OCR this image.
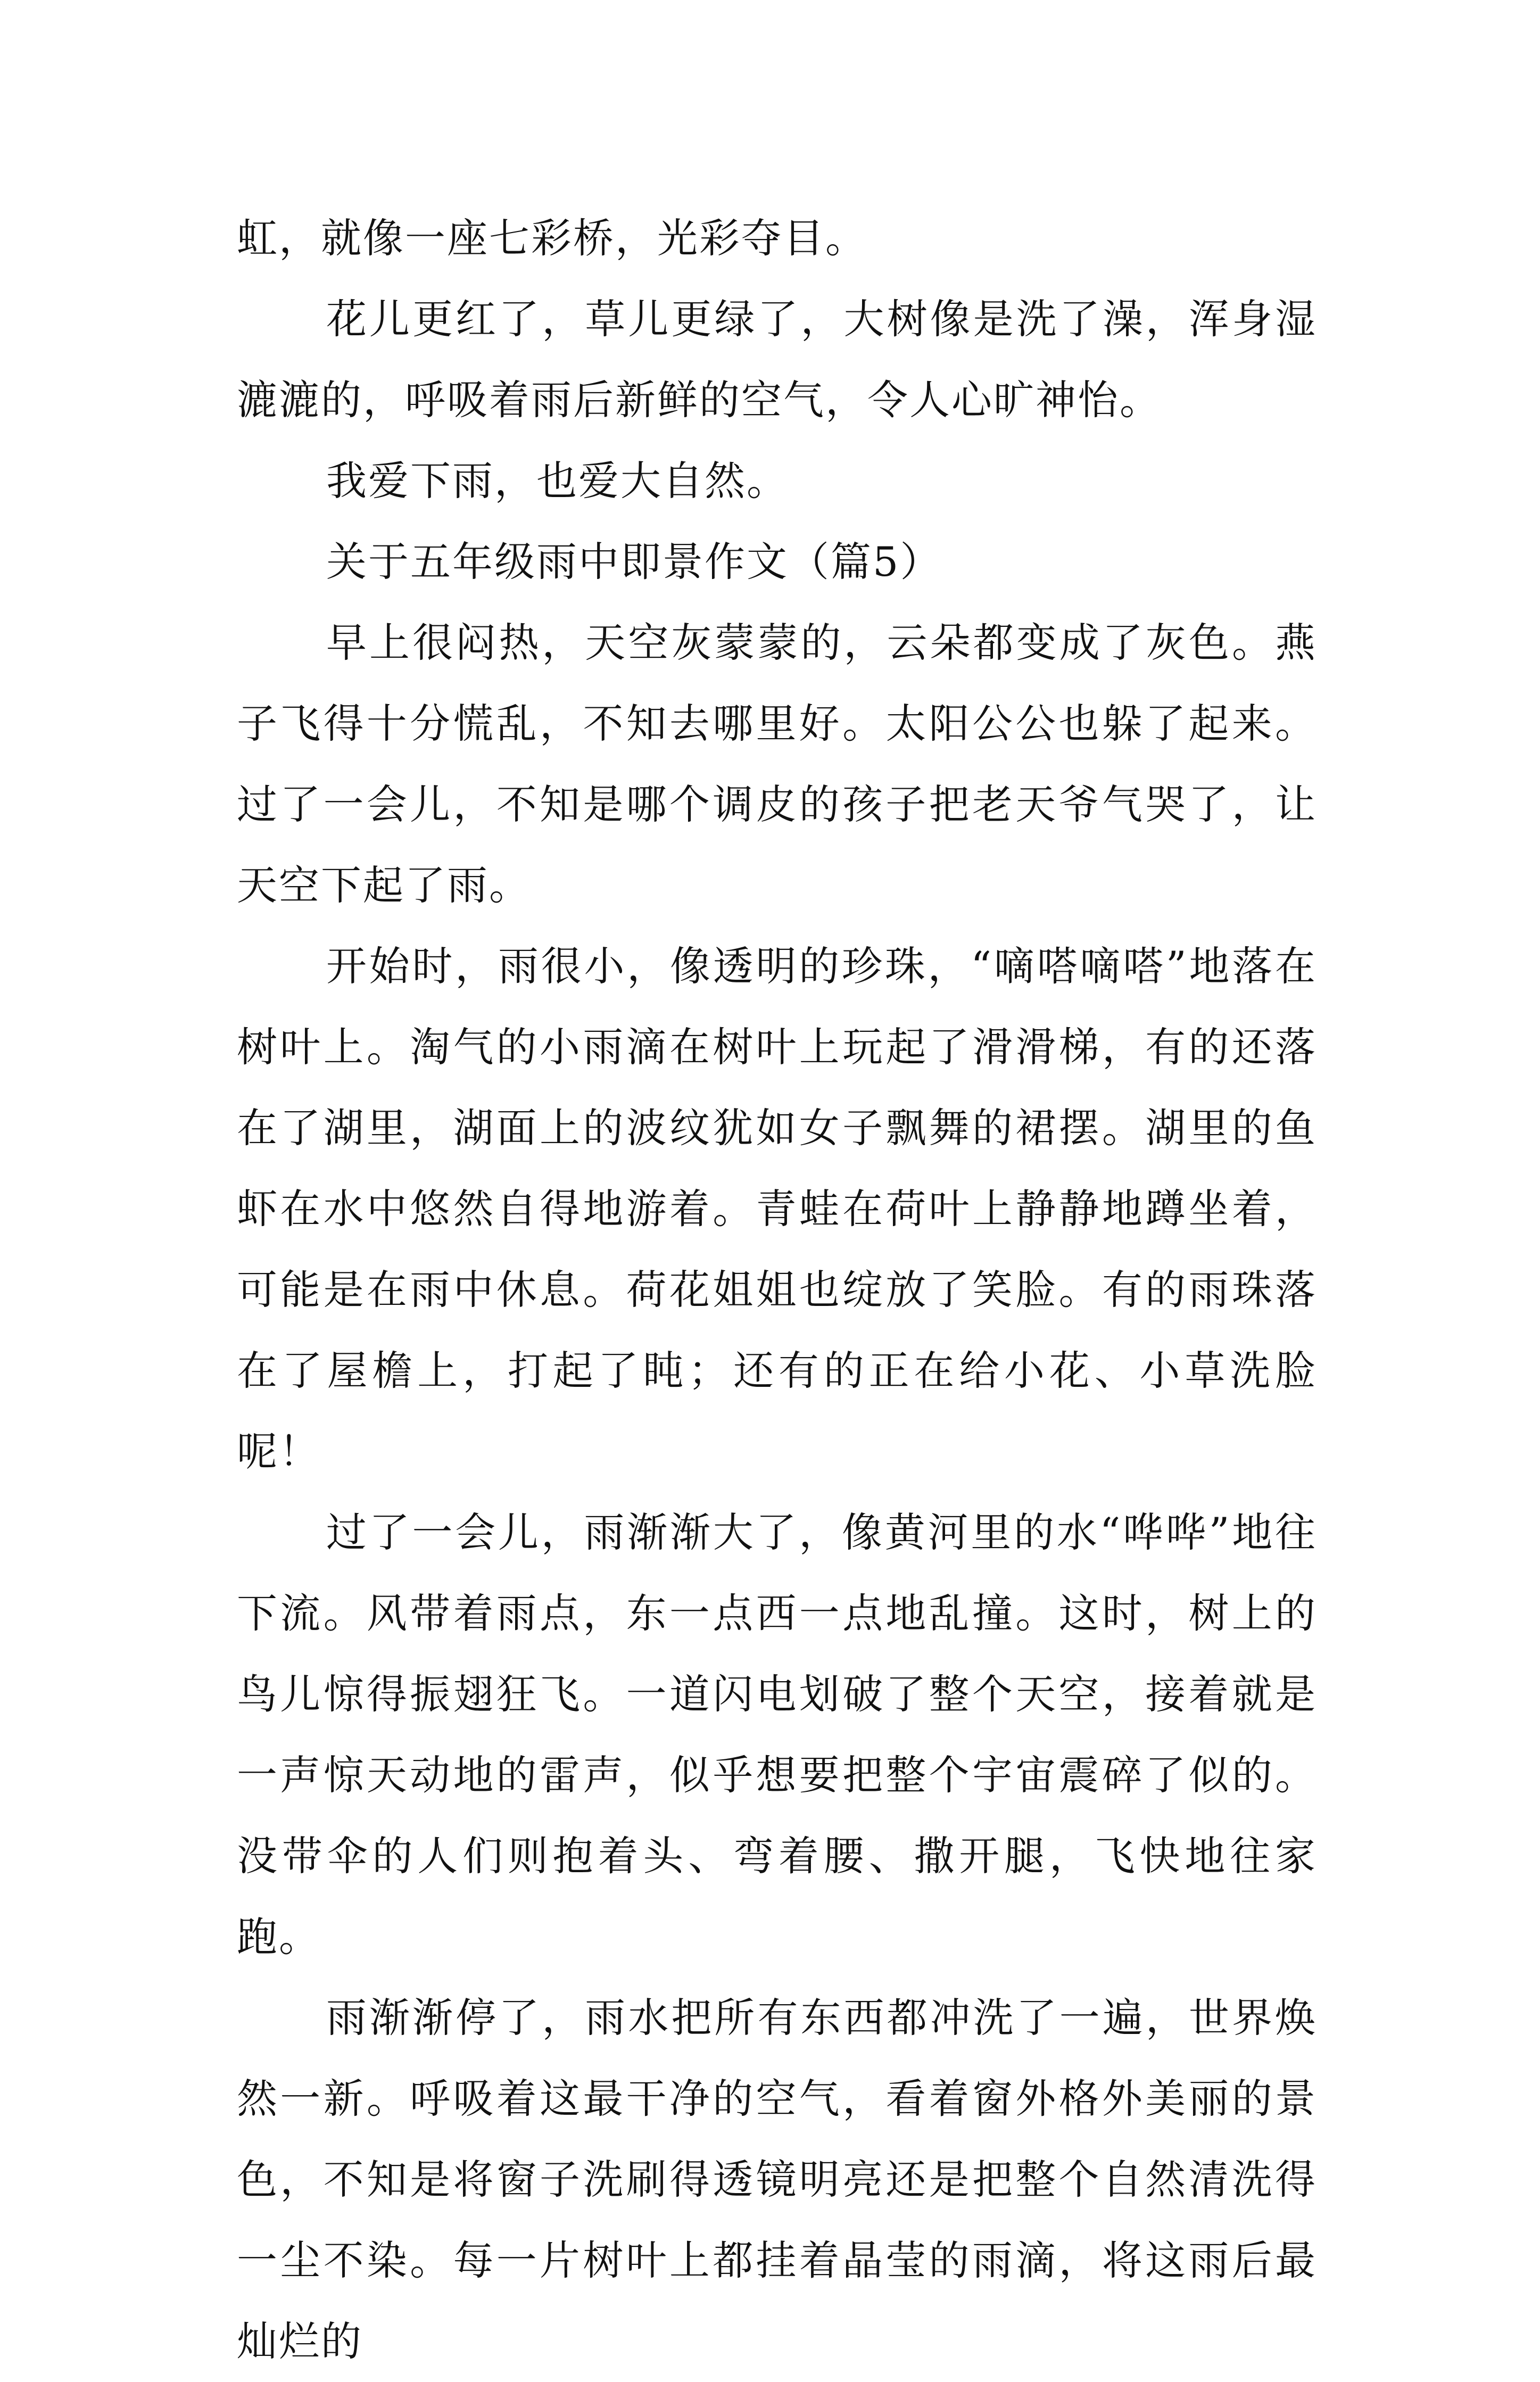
虹，就像一座七彩桥，光彩夺目。

花儿更红了，草儿更绿了，大树像是洗了澡，浑身湿漉漉的，呼吸着雨后新鲜的空气，令人心旷神怡。

我爱下雨，也爱大自然。

关于五年级雨中即景作文（篇5）

早上很闷热，天空灰蒙蒙的，云朵都变成了灰色。燕子飞得十分慌乱，不知去哪里好。太阳公公也躲了起来。过了一会儿，不知是哪个调皮的孩子把老天爷气哭了，让天空下起了雨。

开始时，雨很小，像透明的珍珠，“嘀嗒嘀嗒”地落在树叶上。淘气的小雨滴在树叶上玩起了滑滑梯，有的还落在了湖里，湖面上的波纹犹如女子飘舞的裙摆。湖里的鱼虾在水中悠然自得地游着。青蛙在荷叶上静静地蹲坐着，可能是在雨中休息。荷花姐姐也绽放了笑脸。有的雨珠落在了屋檐上，打起了盹；还有的正在给小花、小草洗脸呢！

过了一会儿，雨渐渐大了，像黄河里的水“哗哗”地往下流。风带着雨点，东一点西一点地乱撞。这时，树上的鸟儿惊得振翅狂飞。一道闪电划破了整个天空，接着就是一声惊天动地的雷声，似乎想要把整个宇宙震碎了似的。没带伞的人们则抱着头、弯着腰、撒开腿，飞快地往家跑。

雨渐渐停了，雨水把所有东西都冲洗了一遍，世界焕然一新。呼吸着这最干净的空气，看着窗外格外美丽的景色，不知是将窗子洗刷得透镜明亮还是把整个自然清洗得一尘不染。每一片树叶上都挂着晶莹的雨滴，将这雨后最灿烂的
